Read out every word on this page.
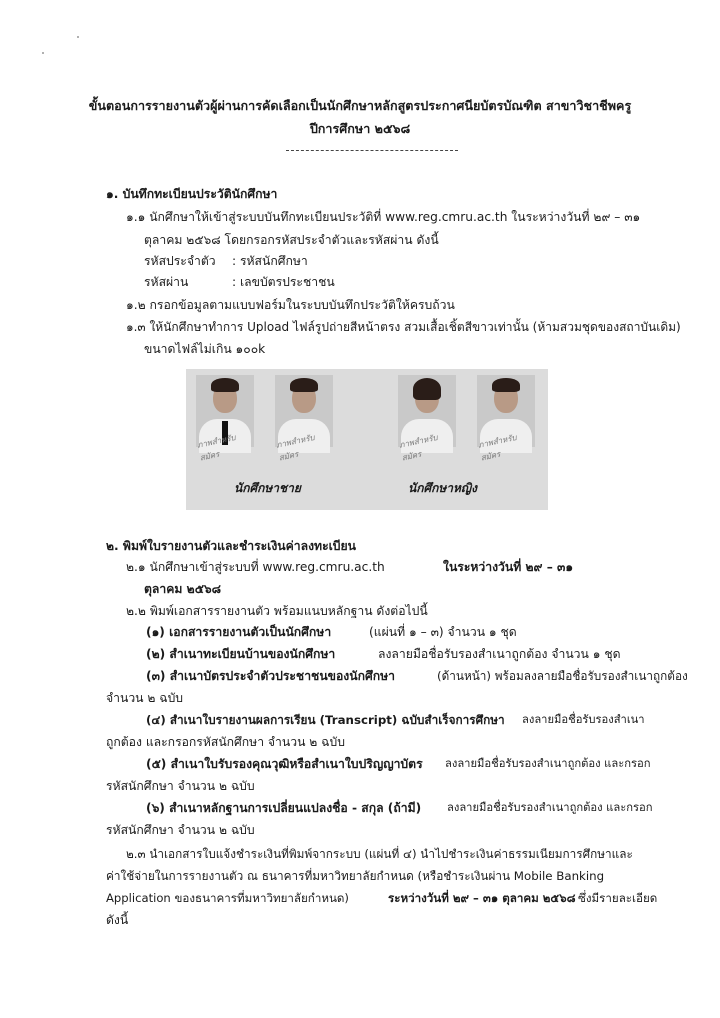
ขั้นตอนการรายงานตัวผู้ผ่านการคัดเลือกเป็นนักศึกษาหลักสูตรประกาศนียบัตรบัณฑิต สาขาวิชาชีพครู
ปีการศึกษา ๒๕๖๘
๑. บันทึกทะเบียนประวัตินักศึกษา
๑.๑ นักศึกษาให้เข้าสู่ระบบบันทึกทะเบียนประวัติที่ www.reg.cmru.ac.th ในระหว่างวันที่ ๒๙ – ๓๑
ตุลาคม ๒๕๖๘ โดยกรอกรหัสประจำตัวและรหัสผ่าน ดังนี้
รหัสประจำตัว : รหัสนักศึกษา
รหัสผ่าน	: เลขบัตรประชาชน
๑.๒ กรอกข้อมูลตามแบบฟอร์มในระบบบันทึกประวัติให้ครบถ้วน
๑.๓ ให้นักศึกษาทำการ Upload ไฟล์รูปถ่ายสีหน้าตรง สวมเสื้อเชิ้ตสีขาวเท่านั้น (ห้ามสวมชุดของสถาบันเดิม)
ขนาดไฟล์ไม่เกิน ๑๐๐k
ภาพสำหรับสมัคร
ภาพสำหรับสมัคร
ภาพสำหรับสมัคร
ภาพสำหรับสมัคร
นักศึกษาชาย	นักศึกษาหญิง
๒. พิมพ์ใบรายงานตัวและชำระเงินค่าลงทะเบียน
๒.๑ นักศึกษาเข้าสู่ระบบที่ www.reg.cmru.ac.th	ในระหว่างวันที่ ๒๙ – ๓๑
ตุลาคม ๒๕๖๘
๒.๒ พิมพ์เอกสารรายงานตัว พร้อมแนบหลักฐาน ดังต่อไปนี้
(๑) เอกสารรายงานตัวเป็นนักศึกษา	(แผ่นที่ ๑ – ๓) จำนวน ๑ ชุด
(๒) สำเนาทะเบียนบ้านของนักศึกษา	ลงลายมือชื่อรับรองสำเนาถูกต้อง จำนวน ๑ ชุด
(๓) สำเนาบัตรประจำตัวประชาชนของนักศึกษา	(ด้านหน้า) พร้อมลงลายมือชื่อรับรองสำเนาถูกต้อง
จำนวน ๒ ฉบับ
(๔) สำเนาใบรายงานผลการเรียน (Transcript) ฉบับสำเร็จการศึกษา ลงลายมือชื่อรับรองสำเนา
ถูกต้อง และกรอกรหัสนักศึกษา จำนวน ๒ ฉบับ
(๕) สำเนาใบรับรองคุณวุฒิหรือสำเนาใบปริญญาบัตร ลงลายมือชื่อรับรองสำเนาถูกต้อง และกรอก
รหัสนักศึกษา จำนวน ๒ ฉบับ
(๖) สำเนาหลักฐานการเปลี่ยนแปลงชื่อ - สกุล (ถ้ามี) ลงลายมือชื่อรับรองสำเนาถูกต้อง และกรอก
รหัสนักศึกษา จำนวน ๒ ฉบับ
๒.๓ นำเอกสารใบแจ้งชำระเงินที่พิมพ์จากระบบ (แผ่นที่ ๔) นำไปชำระเงินค่าธรรมเนียมการศึกษาและ
ค่าใช้จ่ายในการรายงานตัว ณ ธนาคารที่มหาวิทยาลัยกำหนด (หรือชำระเงินผ่าน Mobile Banking
Application ของธนาคารที่มหาวิทยาลัยกำหนด)	ระหว่างวันที่ ๒๙ – ๓๑ ตุลาคม ๒๕๖๘ ซึ่งมีรายละเอียด
ดังนี้
